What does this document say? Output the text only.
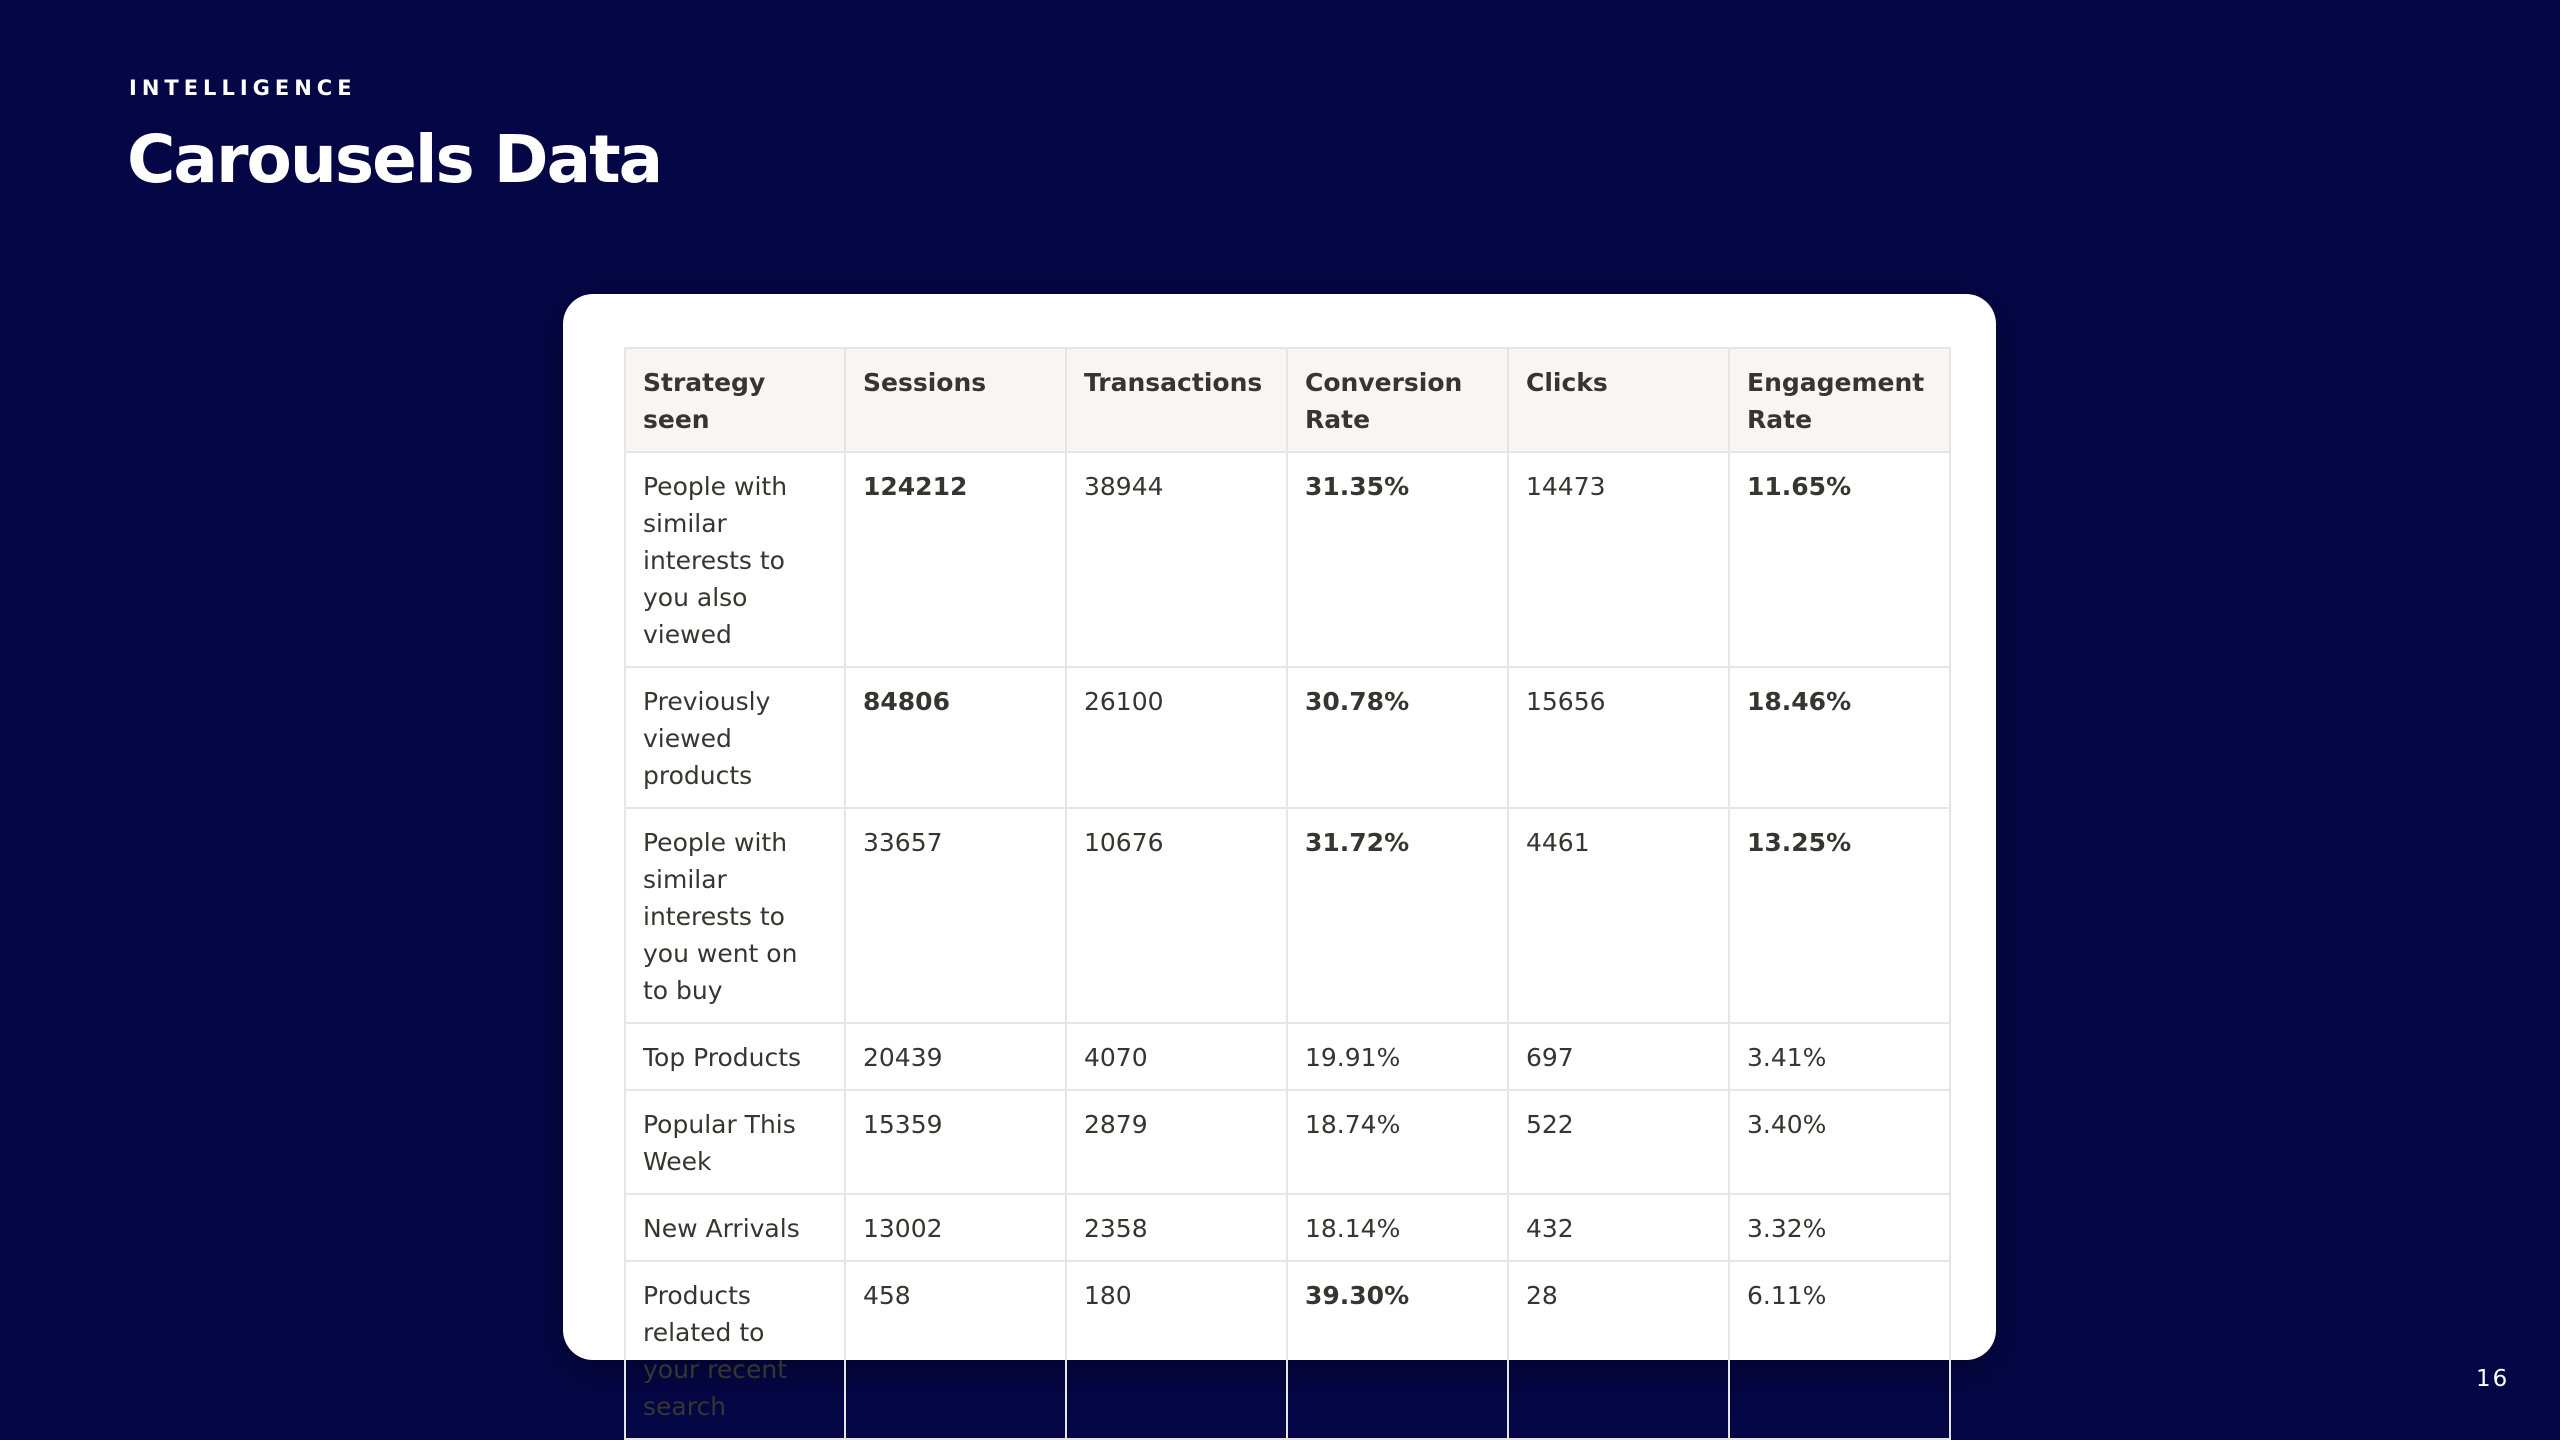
INTELLIGENCE
Carousels Data
Strategy seen	Sessions	Transactions	Conversion Rate	Clicks	Engagement Rate
People with similar interests to you also viewed	124212	38944	31.35%	14473	11.65%
Previously viewed products	84806	26100	30.78%	15656	18.46%
People with similar interests to you went on to buy	33657	10676	31.72%	4461	13.25%
Top Products	20439	4070	19.91%	697	3.41%
Popular This Week	15359	2879	18.74%	522	3.40%
New Arrivals	13002	2358	18.14%	432	3.32%
Products related to your recent search	458	180	39.30%	28	6.11%
16
